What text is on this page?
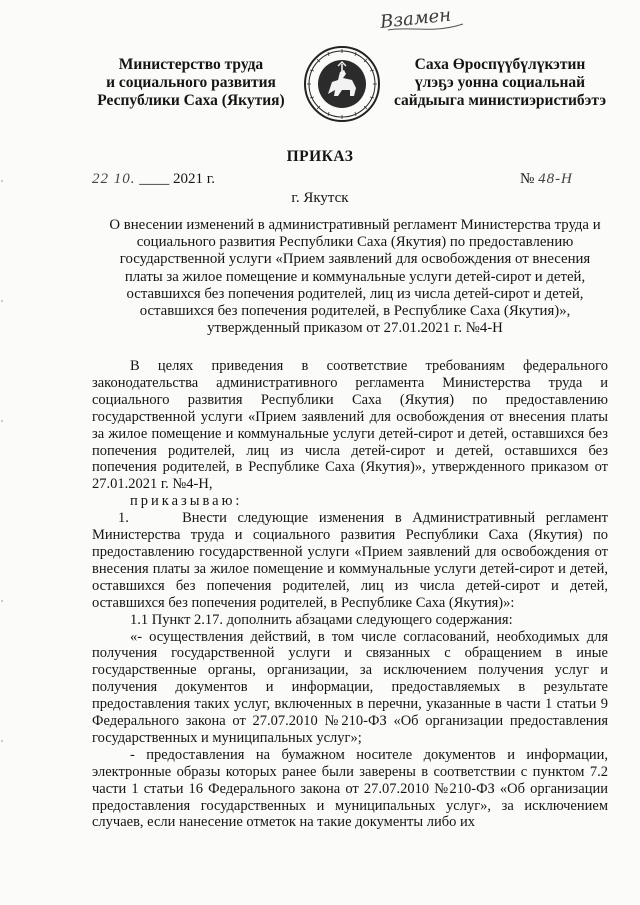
Взамен
Министерство труда
и социального развития
Республики Саха (Якутия)
Саха Өроспүүбүлүкэтин
үлэҕэ уонна социальнай
сайдыыга министиэристибэтэ
ПРИКАЗ
22 10. ____ 2021 г.	№ 48-Н
г. Якутск
О внесении изменений в административный регламент Министерства труда и
социального развития Республики Саха (Якутия) по предоставлению
государственной услуги «Прием заявлений для освобождения от внесения
платы за жилое помещение и коммунальные услуги детей-сирот и детей,
оставшихся без попечения родителей, лиц из числа детей-сирот и детей,
оставшихся без попечения родителей, в Республике Саха (Якутия)»,
утвержденный приказом от 27.01.2021 г. №4-Н

В целях приведения в соответствие требованиям федерального законодательства административного регламента Министерства труда и социального развития Республики Саха (Якутия) по предоставлению государственной услуги «Прием заявлений для освобождения от внесения платы за жилое помещение и коммунальные услуги детей-сирот и детей, оставшихся без попечения родителей, лиц из числа детей-сирот и детей, оставшихся без попечения родителей, в Республике Саха (Якутия)», утвержденного приказом от 27.01.2021 г. №4-Н,

приказываю:

1.     Внести следующие изменения в Административный регламент Министерства труда и социального развития Республики Саха (Якутия) по предоставлению государственной услуги «Прием заявлений для освобождения от внесения платы за жилое помещение и коммунальные услуги детей-сирот и детей, оставшихся без попечения родителей, лиц из числа детей-сирот и детей, оставшихся без попечения родителей, в Республике Саха (Якутия)»:

1.1 Пункт 2.17. дополнить абзацами следующего содержания:

«- осуществления действий, в том числе согласований, необходимых для получения государственной услуги и связанных с обращением в иные государственные органы, организации, за исключением получения услуг и получения документов и информации, предоставляемых в результате предоставления таких услуг, включенных в перечни, указанные в части 1 статьи 9 Федерального закона от 27.07.2010 №210-ФЗ «Об организации предоставления государственных и муниципальных услуг»;

- предоставления на бумажном носителе документов и информации, электронные образы которых ранее были заверены в соответствии с пунктом 7.2 части 1 статьи 16 Федерального закона от 27.07.2010 №210-ФЗ «Об организации предоставления государственных и муниципальных услуг», за исключением случаев, если нанесение отметок на такие документы либо их
